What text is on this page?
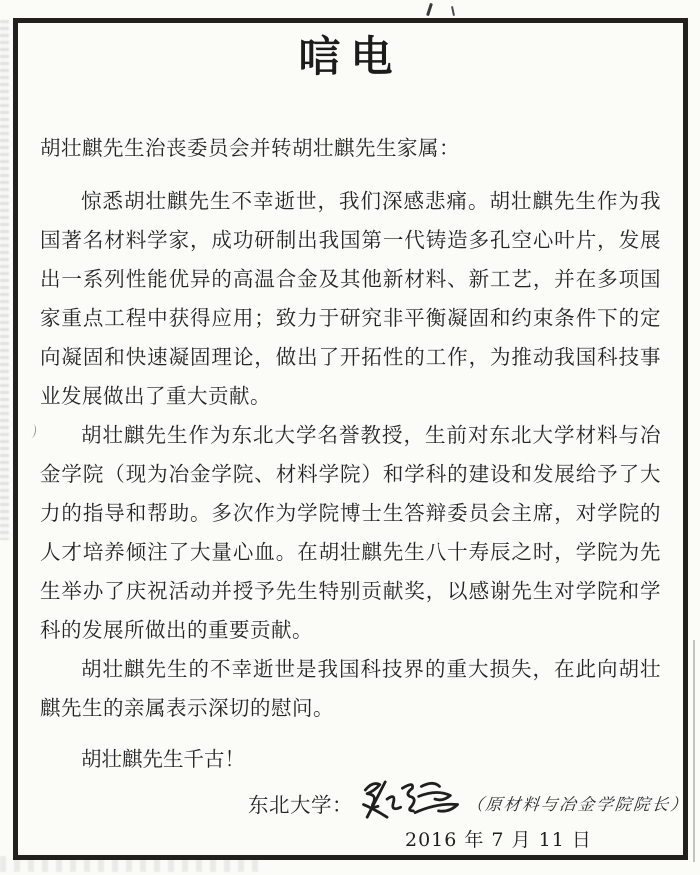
唁电
胡壮麒先生治丧委员会并转胡壮麒先生家属：

惊悉胡壮麒先生不幸逝世，我们深感悲痛。胡壮麒先生作为我国著名材料学家，成功研制出我国第一代铸造多孔空心叶片，发展出一系列性能优异的高温合金及其他新材料、新工艺，并在多项国家重点工程中获得应用；致力于研究非平衡凝固和约束条件下的定向凝固和快速凝固理论，做出了开拓性的工作，为推动我国科技事业发展做出了重大贡献。

胡壮麒先生作为东北大学名誉教授，生前对东北大学材料与冶金学院（现为冶金学院、材料学院）和学科的建设和发展给予了大力的指导和帮助。多次作为学院博士生答辩委员会主席，对学院的人才培养倾注了大量心血。在胡壮麒先生八十寿辰之时，学院为先生举办了庆祝活动并授予先生特别贡献奖，以感谢先生对学院和学科的发展所做出的重要贡献。

胡壮麒先生的不幸逝世是我国科技界的重大损失，在此向胡壮麒先生的亲属表示深切的慰问。

胡壮麒先生千古！
东北大学：	（原材料与冶金学院院长）
2016 年 7 月 11 日
